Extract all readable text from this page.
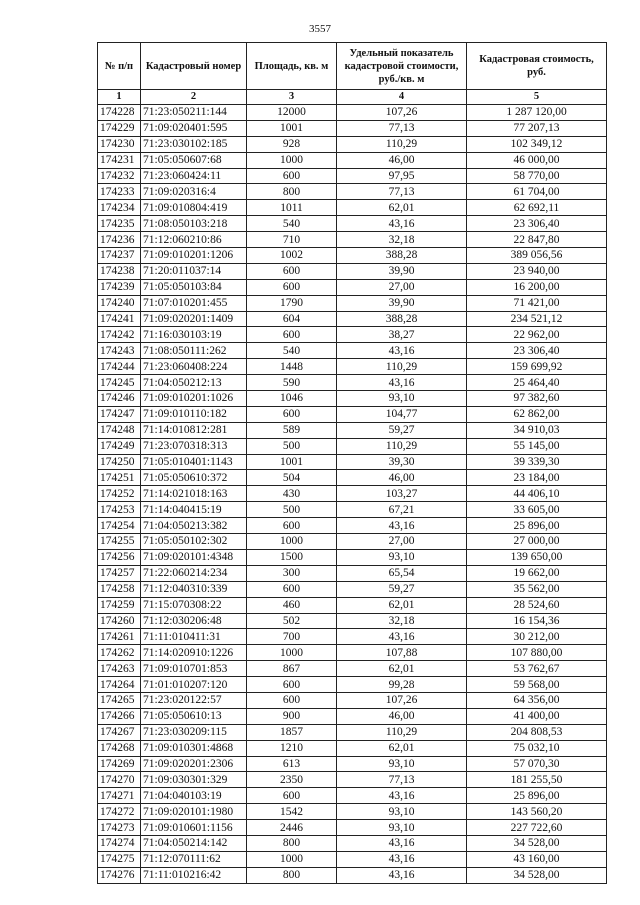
3557
№ п/п	Кадастровый номер	Площадь, кв. м	Удельный показатель кадастровой стоимости, руб./кв. м	Кадастровая стоимость, руб.
1	2	3	4	5
174228	71:23:050211:144	12000	107,26	1 287 120,00
174229	71:09:020401:595	1001	77,13	77 207,13
174230	71:23:030102:185	928	110,29	102 349,12
174231	71:05:050607:68	1000	46,00	46 000,00
174232	71:23:060424:11	600	97,95	58 770,00
174233	71:09:020316:4	800	77,13	61 704,00
174234	71:09:010804:419	1011	62,01	62 692,11
174235	71:08:050103:218	540	43,16	23 306,40
174236	71:12:060210:86	710	32,18	22 847,80
174237	71:09:010201:1206	1002	388,28	389 056,56
174238	71:20:011037:14	600	39,90	23 940,00
174239	71:05:050103:84	600	27,00	16 200,00
174240	71:07:010201:455	1790	39,90	71 421,00
174241	71:09:020201:1409	604	388,28	234 521,12
174242	71:16:030103:19	600	38,27	22 962,00
174243	71:08:050111:262	540	43,16	23 306,40
174244	71:23:060408:224	1448	110,29	159 699,92
174245	71:04:050212:13	590	43,16	25 464,40
174246	71:09:010201:1026	1046	93,10	97 382,60
174247	71:09:010110:182	600	104,77	62 862,00
174248	71:14:010812:281	589	59,27	34 910,03
174249	71:23:070318:313	500	110,29	55 145,00
174250	71:05:010401:1143	1001	39,30	39 339,30
174251	71:05:050610:372	504	46,00	23 184,00
174252	71:14:021018:163	430	103,27	44 406,10
174253	71:14:040415:19	500	67,21	33 605,00
174254	71:04:050213:382	600	43,16	25 896,00
174255	71:05:050102:302	1000	27,00	27 000,00
174256	71:09:020101:4348	1500	93,10	139 650,00
174257	71:22:060214:234	300	65,54	19 662,00
174258	71:12:040310:339	600	59,27	35 562,00
174259	71:15:070308:22	460	62,01	28 524,60
174260	71:12:030206:48	502	32,18	16 154,36
174261	71:11:010411:31	700	43,16	30 212,00
174262	71:14:020910:1226	1000	107,88	107 880,00
174263	71:09:010701:853	867	62,01	53 762,67
174264	71:01:010207:120	600	99,28	59 568,00
174265	71:23:020122:57	600	107,26	64 356,00
174266	71:05:050610:13	900	46,00	41 400,00
174267	71:23:030209:115	1857	110,29	204 808,53
174268	71:09:010301:4868	1210	62,01	75 032,10
174269	71:09:020201:2306	613	93,10	57 070,30
174270	71:09:030301:329	2350	77,13	181 255,50
174271	71:04:040103:19	600	43,16	25 896,00
174272	71:09:020101:1980	1542	93,10	143 560,20
174273	71:09:010601:1156	2446	93,10	227 722,60
174274	71:04:050214:142	800	43,16	34 528,00
174275	71:12:070111:62	1000	43,16	43 160,00
174276	71:11:010216:42	800	43,16	34 528,00
